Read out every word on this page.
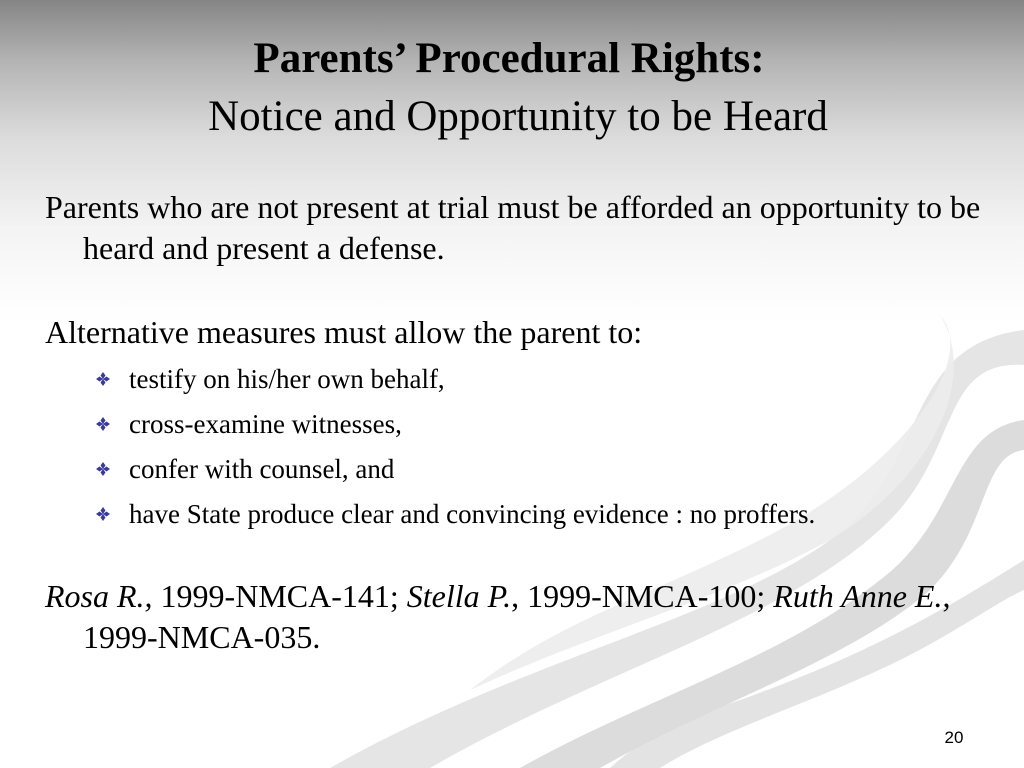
Parents’ Procedural Rights:
Notice and Opportunity to be Heard
Parents who are not present at trial must be afforded an opportunity to be heard and present a defense.
Alternative measures must allow the parent to:
testify on his/her own behalf,
cross-examine witnesses,
confer with counsel, and
have State produce clear and convincing evidence : no proffers.
Rosa R., 1999-NMCA-141; Stella P., 1999-NMCA-100; Ruth Anne E., 1999-NMCA-035.
20
